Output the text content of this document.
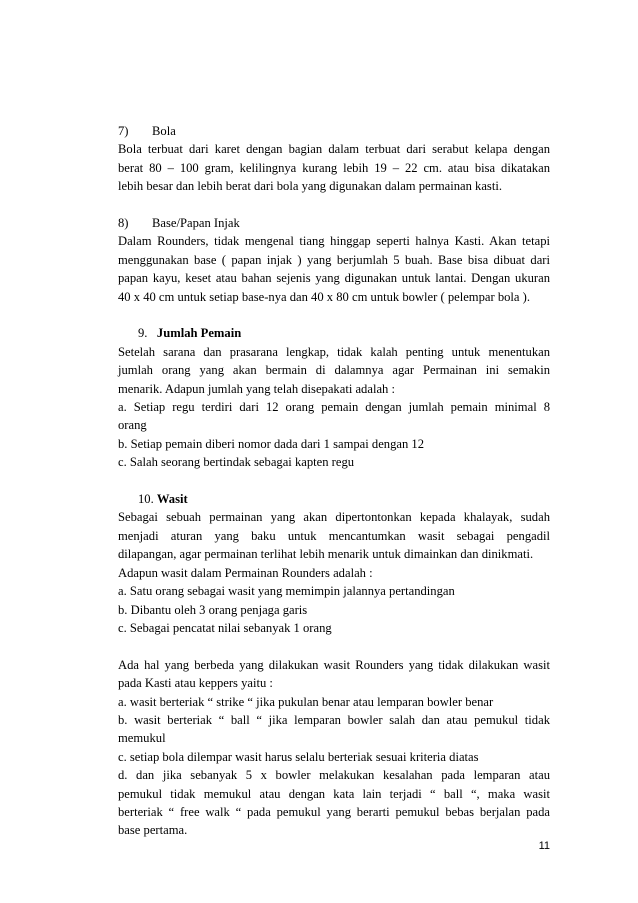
7) Bola
Bola terbuat dari karet dengan bagian dalam terbuat dari serabut kelapa dengan
berat 80 – 100 gram, kelilingnya kurang lebih 19 – 22 cm. atau bisa dikatakan
lebih besar dan lebih berat dari bola yang digunakan dalam permainan kasti.
8) Base/Papan Injak
Dalam Rounders, tidak mengenal tiang hinggap seperti halnya Kasti. Akan tetapi
menggunakan base ( papan injak ) yang berjumlah 5 buah. Base bisa dibuat dari
papan kayu, keset atau bahan sejenis yang digunakan untuk lantai. Dengan ukuran
40 x 40 cm untuk setiap base-nya dan 40 x 80 cm untuk bowler ( pelempar bola ).
9. Jumlah Pemain
Setelah sarana dan prasarana lengkap, tidak kalah penting untuk menentukan
jumlah orang yang akan bermain di dalamnya agar Permainan ini semakin
menarik. Adapun jumlah yang telah disepakati adalah :
a. Setiap regu terdiri dari 12 orang pemain dengan jumlah pemain minimal 8
orang
b. Setiap pemain diberi nomor dada dari 1 sampai dengan 12
c. Salah seorang bertindak sebagai kapten regu
10. Wasit
Sebagai sebuah permainan yang akan dipertontonkan kepada khalayak, sudah
menjadi aturan yang baku untuk mencantumkan wasit sebagai pengadil
dilapangan, agar permainan terlihat lebih menarik untuk dimainkan dan dinikmati.
Adapun wasit dalam Permainan Rounders adalah :
a. Satu orang sebagai wasit yang memimpin jalannya pertandingan
b. Dibantu oleh 3 orang penjaga garis
c. Sebagai pencatat nilai sebanyak 1 orang
Ada hal yang berbeda yang dilakukan wasit Rounders yang tidak dilakukan wasit
pada Kasti atau keppers yaitu :
a. wasit berteriak “ strike “ jika pukulan benar atau lemparan bowler benar
b. wasit berteriak “ ball “ jika lemparan bowler salah dan atau pemukul tidak
memukul
c. setiap bola dilempar wasit harus selalu berteriak sesuai kriteria diatas
d. dan jika sebanyak 5 x bowler melakukan kesalahan pada lemparan atau
pemukul tidak memukul atau dengan kata lain terjadi “ ball “, maka wasit
berteriak “ free walk “ pada pemukul yang berarti pemukul bebas berjalan pada
base pertama.
11
